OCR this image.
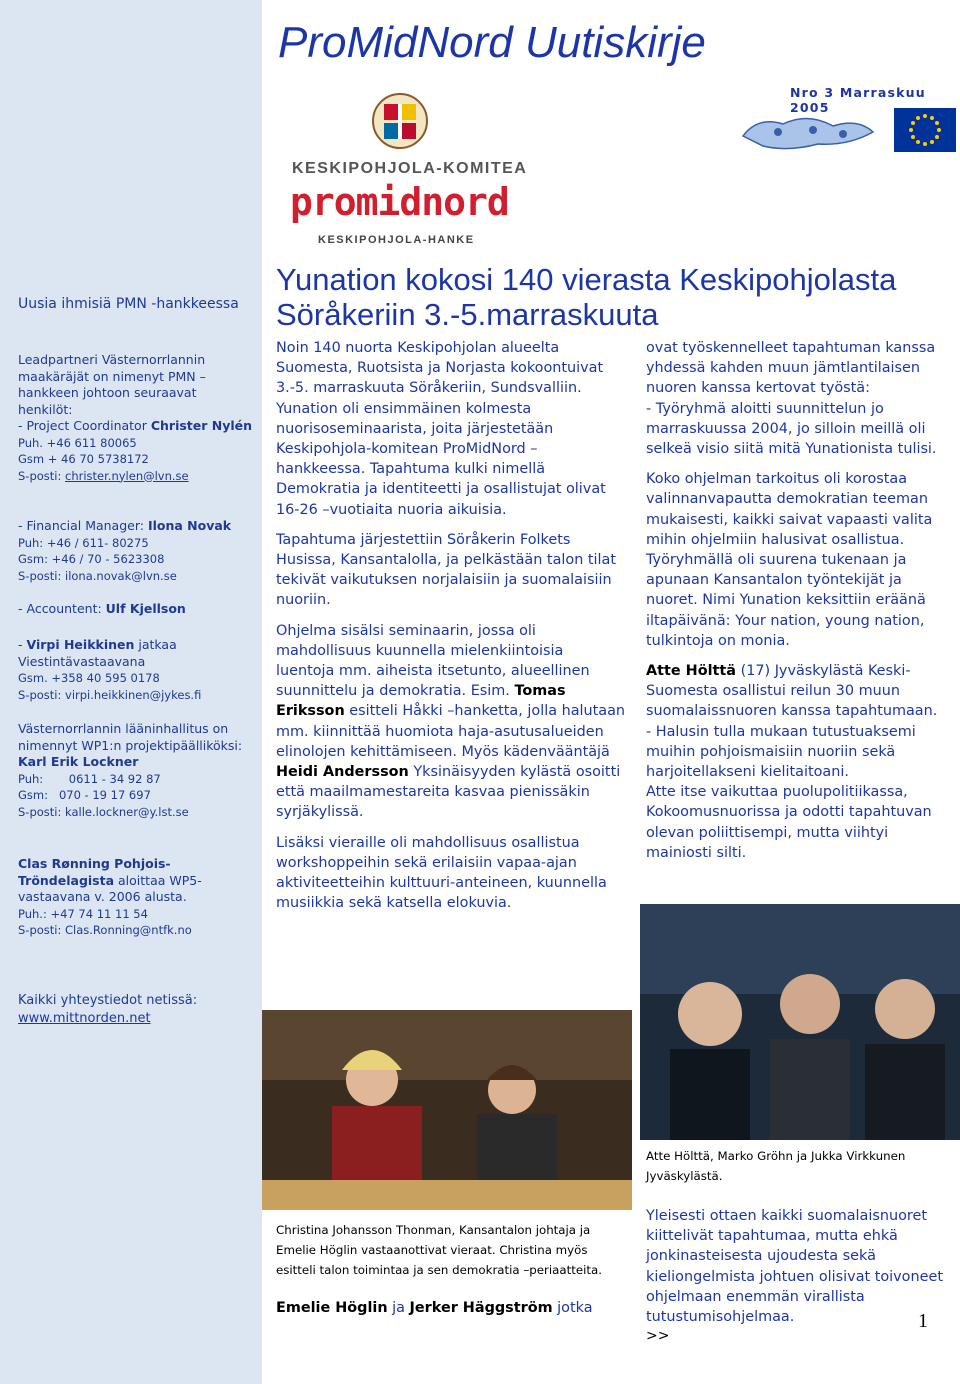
ProMidNord Uutiskirje
Nro 3 Marraskuu 2005
KESKIPOHJOLA-KOMITEA
promidnord
KESKIPOHJOLA-HANKE
Uusia ihmisiä PMN -hankkeessa
Leadpartneri Västernorrlannin maakäräjät on nimenyt PMN –hankkeen johtoon seuraavat henkilöt:
- Project Coordinator Christer Nylén
Puh. +46 611 80065
Gsm + 46 70 5738172
S-posti: christer.nylen@lvn.se
- Financial Manager: Ilona Novak
Puh: +46 / 611- 80275
Gsm: +46 / 70 - 5623308
S-posti: ilona.novak@lvn.se
- Accountent: Ulf Kjellson
- Virpi Heikkinen jatkaa Viestintävastaavana
Gsm. +358 40 595 0178
S-posti: virpi.heikkinen@jykes.fi
Västernorrlannin lääninhallitus on nimennyt WP1:n projektipäälliköksi:
Karl Erik Lockner
Puh:       0611 - 34 92 87
Gsm:   070 - 19 17 697
S-posti: kalle.lockner@y.lst.se
Clas Rønning Pohjois-Tröndelagista aloittaa WP5-vastaavana v. 2006 alusta.
Puh.: +47 74 11 11 54
S-posti: Clas.Ronning@ntfk.no
Kaikki yhteystiedot netissä:
www.mittnorden.net
Yunation kokosi 140 vierasta Keskipohjolasta Söråkeriin 3.-5.marraskuuta

Noin 140 nuorta Keskipohjolan alueelta Suomesta, Ruotsista ja Norjasta kokoontuivat 3.-5. marraskuuta Söråkeriin, Sundsvalliin. Yunation oli ensimmäinen kolmesta nuorisoseminaarista, joita järjestetään Keskipohjola-komitean ProMidNord –hankkeessa. Tapahtuma kulki nimellä Demokratia ja identiteetti ja osallistujat olivat 16-26 –vuotiaita nuoria aikuisia.

Tapahtuma järjestettiin Söråkerin Folkets Husissa, Kansantalolla, ja pelkästään talon tilat tekivät vaikutuksen norjalaisiin ja suomalaisiin nuoriin.

Ohjelma sisälsi seminaarin, jossa oli mahdollisuus kuunnella mielenkiintoisia luentoja mm. aiheista itsetunto, alueellinen suunnittelu ja demokratia. Esim. Tomas Eriksson esitteli Håkki –hanketta, jolla halutaan mm. kiinnittää huomiota haja-asutusalueiden elinolojen kehittämiseen. Myös kädenvääntäjä Heidi Andersson Yksinäisyyden kylästä osoitti että maailmamestareita kasvaa pienissäkin syrjäkylissä.

Lisäksi vieraille oli mahdollisuus osallistua workshoppeihin sekä erilaisiin vapaa-ajan aktiviteetteihin kulttuuri-anteineen, kuunnella musiikkia sekä katsella elokuvia.

ovat työskennelleet tapahtuman kanssa yhdessä kahden muun jämtlantilaisen nuoren kanssa kertovat työstä:
- Työryhmä aloitti suunnittelun jo marraskuussa 2004, jo silloin meillä oli selkeä visio siitä mitä Yunationista tulisi.

Koko ohjelman tarkoitus oli korostaa valinnanvapautta demokratian teeman mukaisesti, kaikki saivat vapaasti valita mihin ohjelmiin halusivat osallistua. Työryhmällä oli suurena tukenaan ja apunaan Kansantalon työntekijät ja nuoret. Nimi Yunation keksittiin eräänä iltapäivänä: Your nation, young nation, tulkintoja on monia.

Atte Hölttä (17) Jyväskylästä Keski-Suomesta osallistui reilun 30 muun suomalaissnuoren kanssa tapahtumaan.
- Halusin tulla mukaan tutustuaksemi muihin pohjoismaisiin nuoriin sekä harjoitellakseni kielitaitoani.
Atte itse vaikuttaa puolupolitiikassa, Kokoomusnuorissa ja odotti tapahtuvan olevan poliittisempi, mutta viihtyi mainiosti silti.

Atte Hölttä, Marko Gröhn ja Jukka Virkkunen Jyväskylästä.
Christina Johansson Thonman, Kansantalon johtaja ja Emelie Höglin vastaanottivat vieraat. Christina myös esitteli talon toimintaa ja sen demokratia –periaatteita.
Emelie Höglin ja Jerker Häggström jotka
Yleisesti ottaen kaikki suomalaisnuoret kiittelivät tapahtumaa, mutta ehkä jonkinasteisesta ujoudesta sekä kieliongelmista johtuen olisivat toivoneet ohjelmaan enemmän virallista tutustumisohjelmaa.
>>
1
